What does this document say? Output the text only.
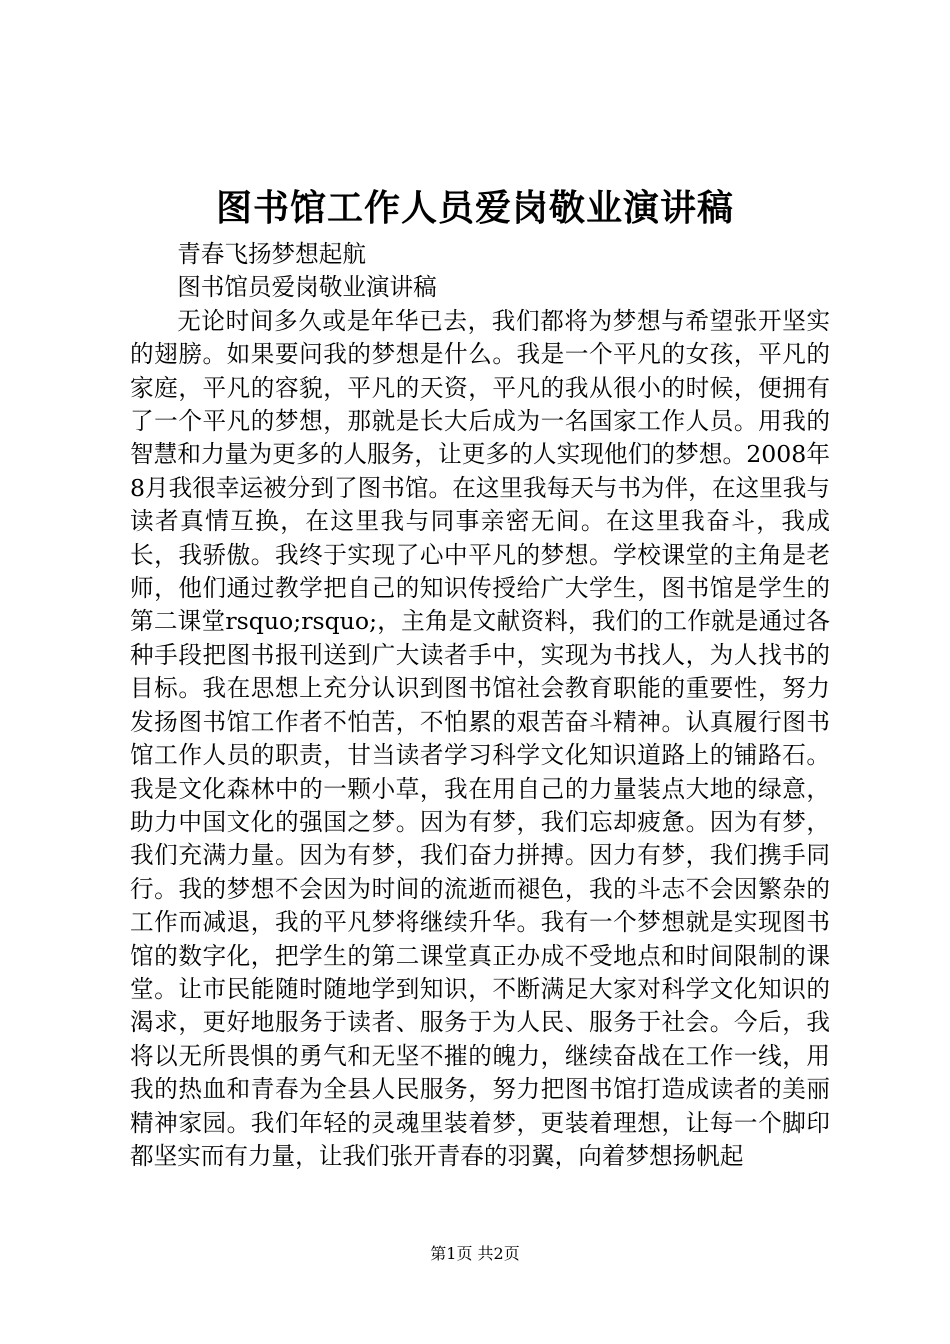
图书馆工作人员爱岗敬业演讲稿

青春飞扬梦想起航

图书馆员爱岗敬业演讲稿

无论时间多久或是年华已去，我们都将为梦想与希望张开坚实的翅膀。如果要问我的梦想是什么。我是一个平凡的女孩，平凡的家庭，平凡的容貌，平凡的天资，平凡的我从很小的时候，便拥有了一个平凡的梦想，那就是长大后成为一名国家工作人员。用我的智慧和力量为更多的人服务，让更多的人实现他们的梦想。2008年8月我很幸运被分到了图书馆。在这里我每天与书为伴，在这里我与读者真情互换，在这里我与同事亲密无间。在这里我奋斗，我成长，我骄傲。我终于实现了心中平凡的梦想。学校课堂的主角是老师，他们通过教学把自己的知识传授给广大学生，图书馆是学生的第二课堂rsquo;rsquo;，主角是文献资料，我们的工作就是通过各种手段把图书报刊送到广大读者手中，实现为书找人，为人找书的目标。我在思想上充分认识到图书馆社会教育职能的重要性，努力发扬图书馆工作者不怕苦，不怕累的艰苦奋斗精神。认真履行图书馆工作人员的职责，甘当读者学习科学文化知识道路上的铺路石。我是文化森林中的一颗小草，我在用自己的力量装点大地的绿意，助力中国文化的强国之梦。因为有梦，我们忘却疲惫。因为有梦，我们充满力量。因为有梦，我们奋力拼搏。因力有梦，我们携手同行。我的梦想不会因为时间的流逝而褪色，我的斗志不会因繁杂的工作而减退，我的平凡梦将继续升华。我有一个梦想就是实现图书馆的数字化，把学生的第二课堂真正办成不受地点和时间限制的课堂。让市民能随时随地学到知识，不断满足大家对科学文化知识的渴求，更好地服务于读者、服务于为人民、服务于社会。今后，我将以无所畏惧的勇气和无坚不摧的魄力，继续奋战在工作一线，用我的热血和青春为全县人民服务，努力把图书馆打造成读者的美丽精神家园。我们年轻的灵魂里装着梦，更装着理想，让每一个脚印都坚实而有力量，让我们张开青春的羽翼，向着梦想扬帆起

第1页 共2页
